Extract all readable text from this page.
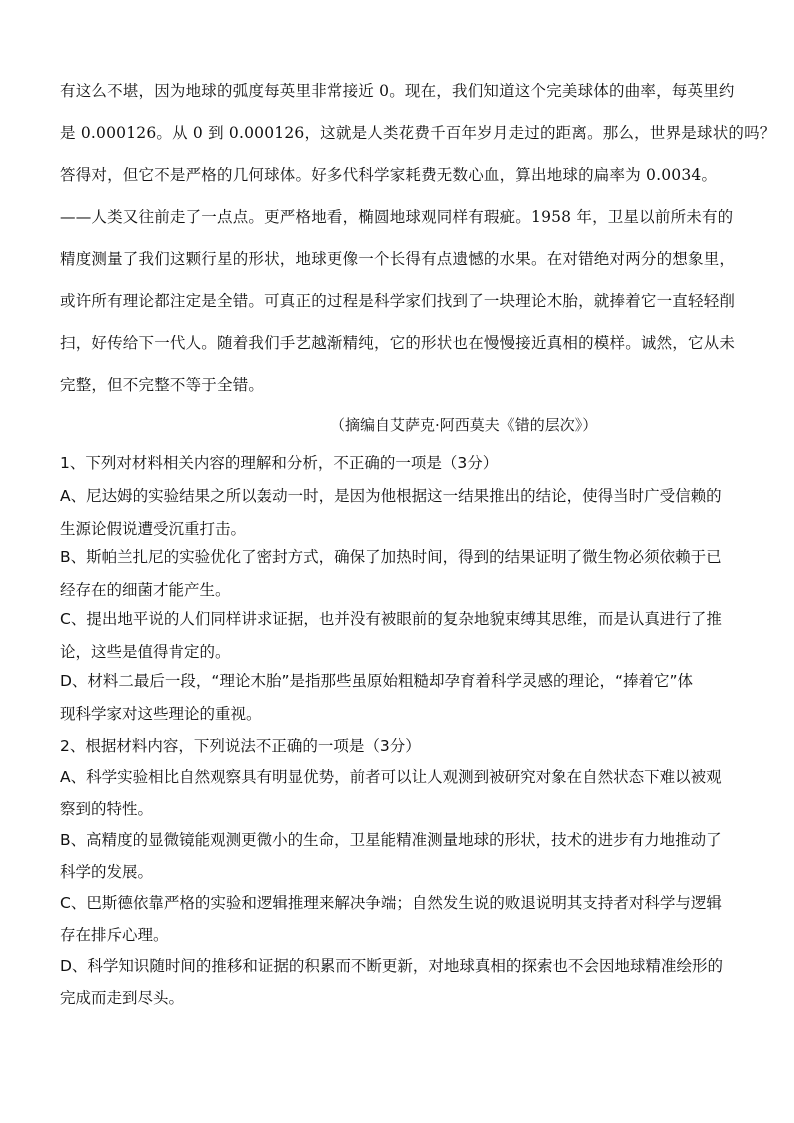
有这么不堪，因为地球的弧度每英里非常接近 0。现在，我们知道这个完美球体的曲率，每英里约
是 0.000126。从 0 到 0.000126，这就是人类花费千百年岁月走过的距离。那么，世界是球状的吗？
答得对，但它不是严格的几何球体。好多代科学家耗费无数心血，算出地球的扁率为 0.0034。
——人类又往前走了一点点。更严格地看，椭圆地球观同样有瑕疵。1958 年，卫星以前所未有的
精度测量了我们这颗行星的形状，地球更像一个长得有点遗憾的水果。在对错绝对两分的想象里，
或许所有理论都注定是全错。可真正的过程是科学家们找到了一块理论木胎，就捧着它一直轻轻削
扫，好传给下一代人。随着我们手艺越渐精纯，它的形状也在慢慢接近真相的模样。诚然，它从未
完整，但不完整不等于全错。
（摘编自艾萨克·阿西莫夫《错的层次》）
1、下列对材料相关内容的理解和分析，不正确的一项是（3分）
A、尼达姆的实验结果之所以轰动一时，是因为他根据这一结果推出的结论，使得当时广受信赖的
生源论假说遭受沉重打击。
B、斯帕兰扎尼的实验优化了密封方式，确保了加热时间，得到的结果证明了微生物必须依赖于已
经存在的细菌才能产生。
C、提出地平说的人们同样讲求证据，也并没有被眼前的复杂地貌束缚其思维，而是认真进行了推
论，这些是值得肯定的。
D、材料二最后一段，“理论木胎”是指那些虽原始粗糙却孕育着科学灵感的理论，“捧着它”体
现科学家对这些理论的重视。
2、根据材料内容，下列说法不正确的一项是（3分）
A、科学实验相比自然观察具有明显优势，前者可以让人观测到被研究对象在自然状态下难以被观
察到的特性。
B、高精度的显微镜能观测更微小的生命，卫星能精准测量地球的形状，技术的进步有力地推动了
科学的发展。
C、巴斯德依靠严格的实验和逻辑推理来解决争端；自然发生说的败退说明其支持者对科学与逻辑
存在排斥心理。
D、科学知识随时间的推移和证据的积累而不断更新，对地球真相的探索也不会因地球精准绘形的
完成而走到尽头。
